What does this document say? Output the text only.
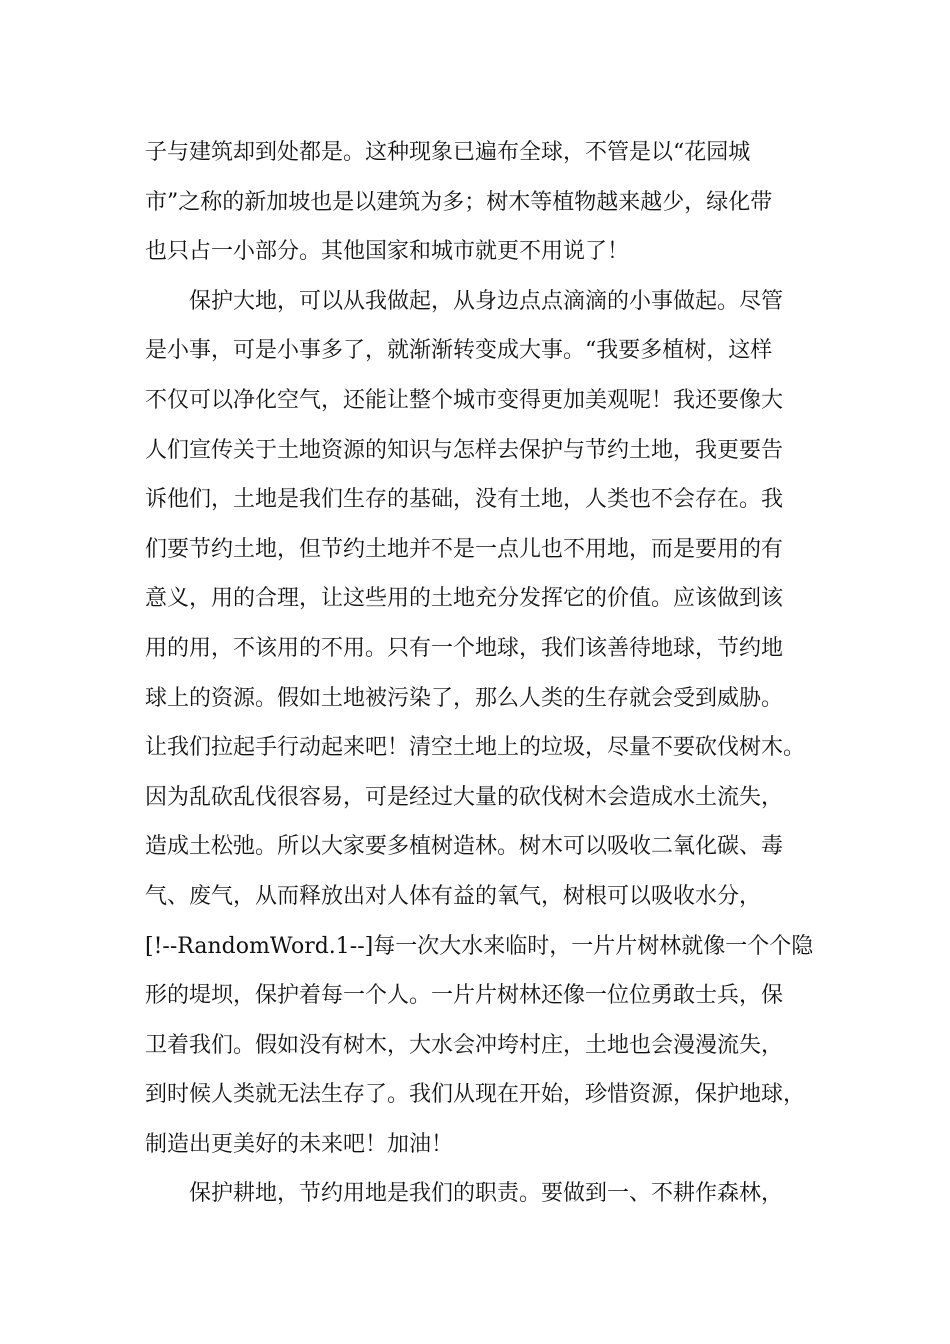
子与建筑却到处都是。这种现象已遍布全球，不管是以“花园城
市”之称的新加坡也是以建筑为多；树木等植物越来越少，绿化带
也只占一小部分。其他国家和城市就更不用说了！
保护大地，可以从我做起，从身边点点滴滴的小事做起。尽管
是小事，可是小事多了，就渐渐转变成大事。“我要多植树，这样
不仅可以净化空气，还能让整个城市变得更加美观呢！我还要像大
人们宣传关于土地资源的知识与怎样去保护与节约土地，我更要告
诉他们，土地是我们生存的基础，没有土地，人类也不会存在。我
们要节约土地，但节约土地并不是一点儿也不用地，而是要用的有
意义，用的合理，让这些用的土地充分发挥它的价值。应该做到该
用的用，不该用的不用。只有一个地球，我们该善待地球，节约地
球上的资源。假如土地被污染了，那么人类的生存就会受到威胁。
让我们拉起手行动起来吧！清空土地上的垃圾，尽量不要砍伐树木。
因为乱砍乱伐很容易，可是经过大量的砍伐树木会造成水土流失，
造成土松弛。所以大家要多植树造林。树木可以吸收二氧化碳、毒
气、废气，从而释放出对人体有益的氧气，树根可以吸收水分，
[!--RandomWord.1--]每一次大水来临时，一片片树林就像一个个隐
形的堤坝，保护着每一个人。一片片树林还像一位位勇敢士兵，保
卫着我们。假如没有树木，大水会冲垮村庄，土地也会漫漫流失，
到时候人类就无法生存了。我们从现在开始，珍惜资源，保护地球，
制造出更美好的未来吧！加油！
保护耕地，节约用地是我们的职责。要做到一、不耕作森林，
